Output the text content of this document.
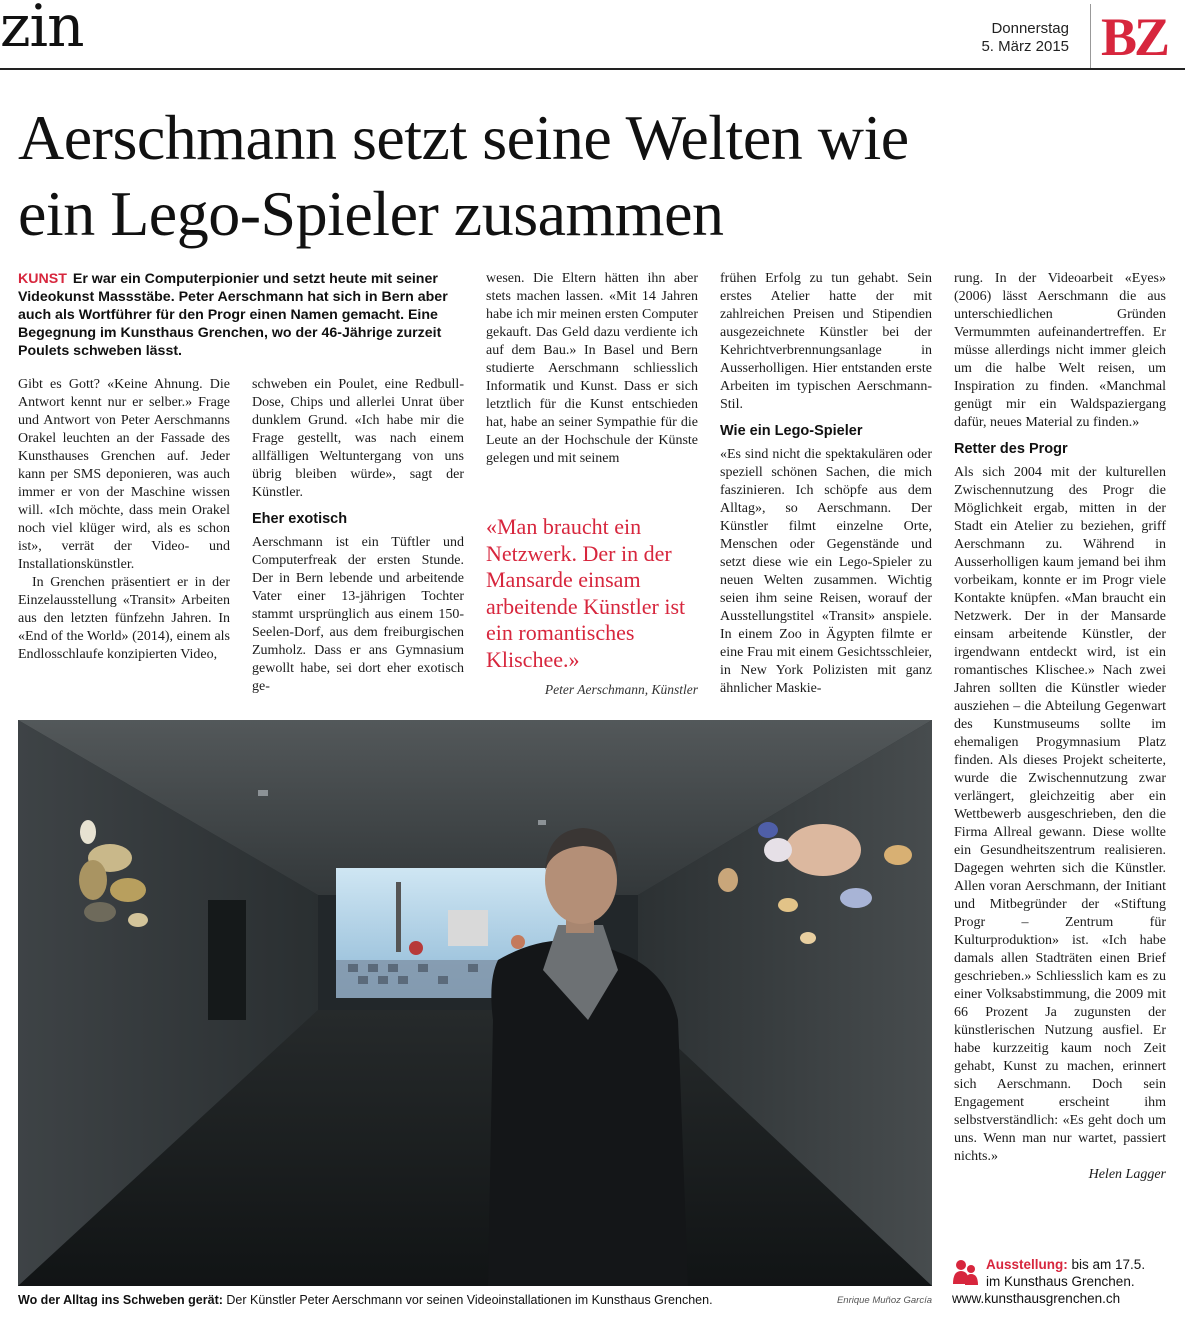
zin	Donnerstag
5. März 2015 BZ
Aerschmann setzt seine Welten wie
ein Lego-Spieler zusammen
KUNST Er war ein Computerpionier und setzt heute mit seiner Videokunst Massstäbe. Peter Aerschmann hat sich in Bern aber auch als Wortführer für den Progr einen Namen gemacht. Eine Begegnung im Kunsthaus Grenchen, wo der 46-Jährige zurzeit Poulets schweben lässt.

Gibt es Gott? «Keine Ahnung. Die Antwort kennt nur er selber.» Frage und Antwort von Peter Aerschmanns Orakel leuchten an der Fassade des Kunsthauses Grenchen auf. Jeder kann per SMS deponieren, was auch immer er von der Maschine wissen will. «Ich möchte, dass mein Orakel noch viel klüger wird, als es schon ist», verrät der Video- und Installationskünstler.

In Grenchen präsentiert er in der Einzelausstellung «Transit» Arbeiten aus den letzten fünfzehn Jahren. In «End of the World» (2014), einem als Endlosschlaufe konzipierten Video,

schweben ein Poulet, eine Redbull-Dose, Chips und allerlei Unrat über dunklem Grund. «Ich habe mir die Frage gestellt, was nach einem allfälligen Weltuntergang von uns übrig bleiben würde», sagt der Künstler.

Eher exotisch

Aerschmann ist ein Tüftler und Computerfreak der ersten Stunde. Der in Bern lebende und arbeitende Vater einer 13-jährigen Tochter stammt ursprünglich aus einem 150-Seelen-Dorf, aus dem freiburgischen Zumholz. Dass er ans Gymnasium gewollt habe, sei dort eher exotisch ge-

wesen. Die Eltern hätten ihn aber stets machen lassen. «Mit 14 Jahren habe ich mir meinen ersten Computer gekauft. Das Geld dazu verdiente ich auf dem Bau.» In Basel und Bern studierte Aerschmann schliesslich Informatik und Kunst. Dass er sich letztlich für die Kunst entschieden hat, habe an seiner Sympathie für die Leute an der Hochschule der Künste gelegen und mit seinem

«Man braucht ein Netzwerk. Der in der Mansarde einsam arbeitende Künstler ist ein romantisches Klischee.»
Peter Aerschmann, Künstler

frühen Erfolg zu tun gehabt. Sein erstes Atelier hatte der mit zahlreichen Preisen und Stipendien ausgezeichnete Künstler bei der Kehrichtverbrennungsanlage in Ausserholligen. Hier entstanden erste Arbeiten im typischen Aerschmann-Stil.

Wie ein Lego-Spieler

«Es sind nicht die spektakulären oder speziell schönen Sachen, die mich faszinieren. Ich schöpfe aus dem Alltag», so Aerschmann. Der Künstler filmt einzelne Orte, Menschen oder Gegenstände und setzt diese wie ein Lego-Spieler zu neuen Welten zusammen. Wichtig seien ihm seine Reisen, worauf der Ausstellungstitel «Transit» anspiele. In einem Zoo in Ägypten filmte er eine Frau mit einem Gesichtsschleier, in New York Polizisten mit ganz ähnlicher Maskie-

rung. In der Videoarbeit «Eyes» (2006) lässt Aerschmann die aus unterschiedlichen Gründen Vermummten aufeinandertreffen. Er müsse allerdings nicht immer gleich um die halbe Welt reisen, um Inspiration zu finden. «Manchmal genügt mir ein Waldspaziergang dafür, neues Material zu finden.»

Retter des Progr

Als sich 2004 mit der kulturellen Zwischennutzung des Progr die Möglichkeit ergab, mitten in der Stadt ein Atelier zu beziehen, griff Aerschmann zu. Während in Ausserholligen kaum jemand bei ihm vorbeikam, konnte er im Progr viele Kontakte knüpfen. «Man braucht ein Netzwerk. Der in der Mansarde einsam arbeitende Künstler, der irgendwann entdeckt wird, ist ein romantisches Klischee.» Nach zwei Jahren sollten die Künstler wieder ausziehen – die Abteilung Gegenwart des Kunstmuseums sollte im ehemaligen Progymnasium Platz finden. Als dieses Projekt scheiterte, wurde die Zwischennutzung zwar verlängert, gleichzeitig aber ein Wettbewerb ausgeschrieben, den die Firma Allreal gewann. Diese wollte ein Gesundheitszentrum realisieren. Dagegen wehrten sich die Künstler. Allen voran Aerschmann, der Initiant und Mitbegründer der «Stiftung Progr – Zentrum für Kulturproduktion» ist. «Ich habe damals allen Stadträten einen Brief geschrieben.» Schliesslich kam es zu einer Volksabstimmung, die 2009 mit 66 Prozent Ja zugunsten der künstlerischen Nutzung ausfiel. Er habe kurzzeitig kaum noch Zeit gehabt, Kunst zu machen, erinnert sich Aerschmann. Doch sein Engagement erscheint ihm selbstverständlich: «Es geht doch um uns. Wenn man nur wartet, passiert nichts.»

Helen Lagger

Wo der Alltag ins Schweben gerät: Der Künstler Peter Aerschmann vor seinen Videoinstallationen im Kunsthaus Grenchen.	Enrique Muñoz García
Ausstellung: bis am 17.5.
im Kunsthaus Grenchen.
www.kunsthausgrenchen.ch
